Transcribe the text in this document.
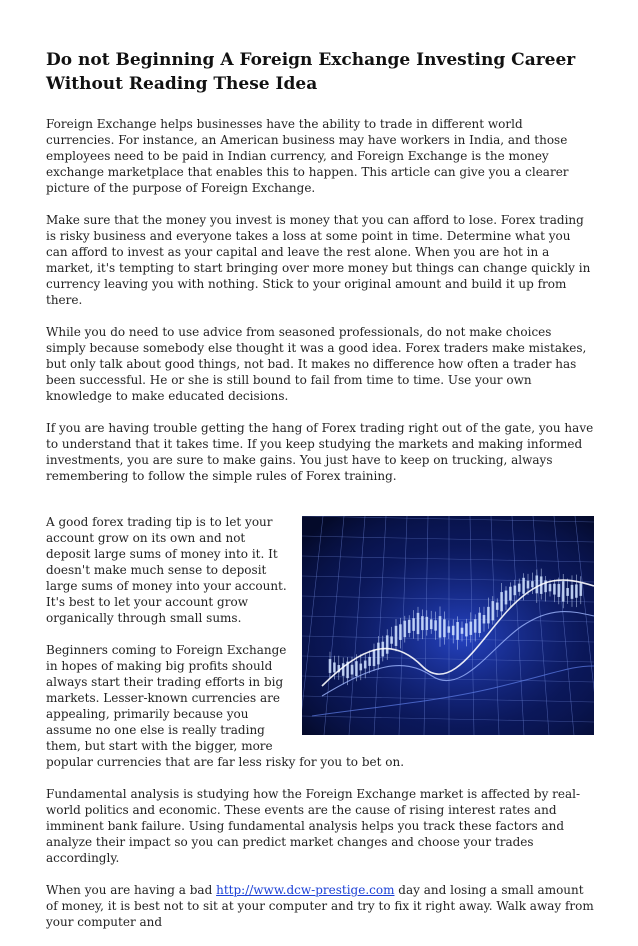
Do not Beginning A Foreign Exchange Investing Career Without Reading These Idea

Foreign Exchange helps businesses have the ability to trade in different world currencies. For instance, an American business may have workers in India, and those employees need to be paid in Indian currency, and Foreign Exchange is the money exchange marketplace that enables this to happen. This article can give you a clearer picture of the purpose of Foreign Exchange.

Make sure that the money you invest is money that you can afford to lose. Forex trading is risky business and everyone takes a loss at some point in time. Determine what you can afford to invest as your capital and leave the rest alone. When you are hot in a market, it's tempting to start bringing over more money but things can change quickly in currency leaving you with nothing. Stick to your original amount and build it up from there.

While you do need to use advice from seasoned professionals, do not make choices simply because somebody else thought it was a good idea. Forex traders make mistakes, but only talk about good things, not bad. It makes no difference how often a trader has been successful. He or she is still bound to fail from time to time. Use your own knowledge to make educated decisions.

If you are having trouble getting the hang of Forex trading right out of the gate, you have to understand that it takes time. If you keep studying the markets and making informed investments, you are sure to make gains. You just have to keep on trucking, always remembering to follow the simple rules of Forex training.

A good forex trading tip is to let your account grow on its own and not deposit large sums of money into it. It doesn't make much sense to deposit large sums of money into your account. It's best to let your account grow organically through small sums.

Beginners coming to Foreign Exchange in hopes of making big profits should always start their trading efforts in big markets. Lesser-known currencies are appealing, primarily because you assume no one else is really trading them, but start with the bigger, more popular currencies that are far less risky for you to bet on.

Fundamental analysis is studying how the Foreign Exchange market is affected by real-world politics and economic. These events are the cause of rising interest rates and imminent bank failure. Using fundamental analysis helps you track these factors and analyze their impact so you can predict market changes and choose your trades accordingly.

When you are having a bad http://www.dcw-prestige.com day and losing a small amount of money, it is best not to sit at your computer and try to fix it right away. Walk away from your computer and
